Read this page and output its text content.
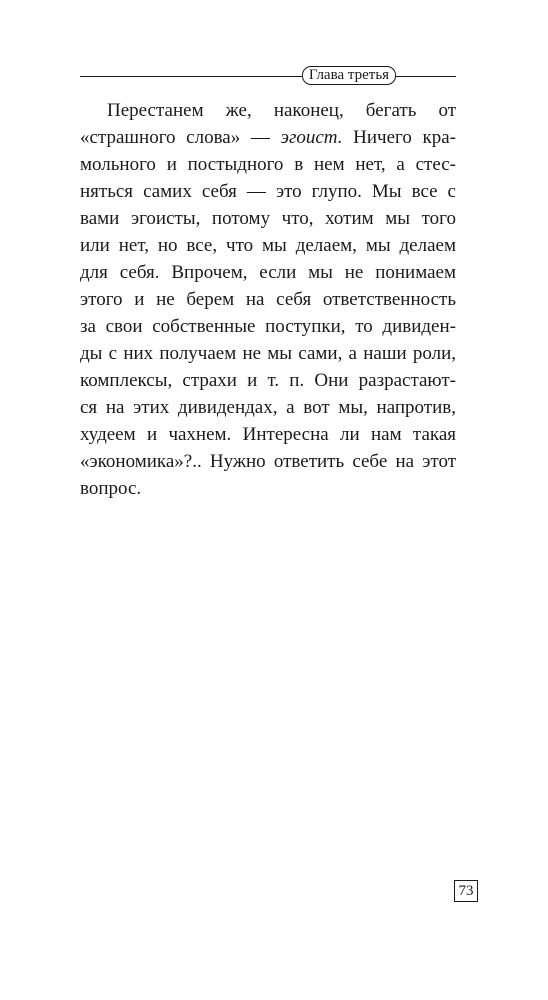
Глава третья
Перестанем же, наконец, бегать от
«страшного слова» — эгоист. Ничего кра-
мольного и постыдного в нем нет, а стес-
няться самих себя — это глупо. Мы все с
вами эгоисты, потому что, хотим мы того
или нет, но все, что мы делаем, мы делаем
для себя. Впрочем, если мы не понимаем
этого и не берем на себя ответственность
за свои собственные поступки, то дивиден-
ды с них получаем не мы сами, а наши роли,
комплексы, страхи и т. п. Они разрастают-
ся на этих дивидендах, а вот мы, напротив,
худеем и чахнем. Интересна ли нам такая
«экономика»?.. Нужно ответить себе на этот
вопрос.
73
